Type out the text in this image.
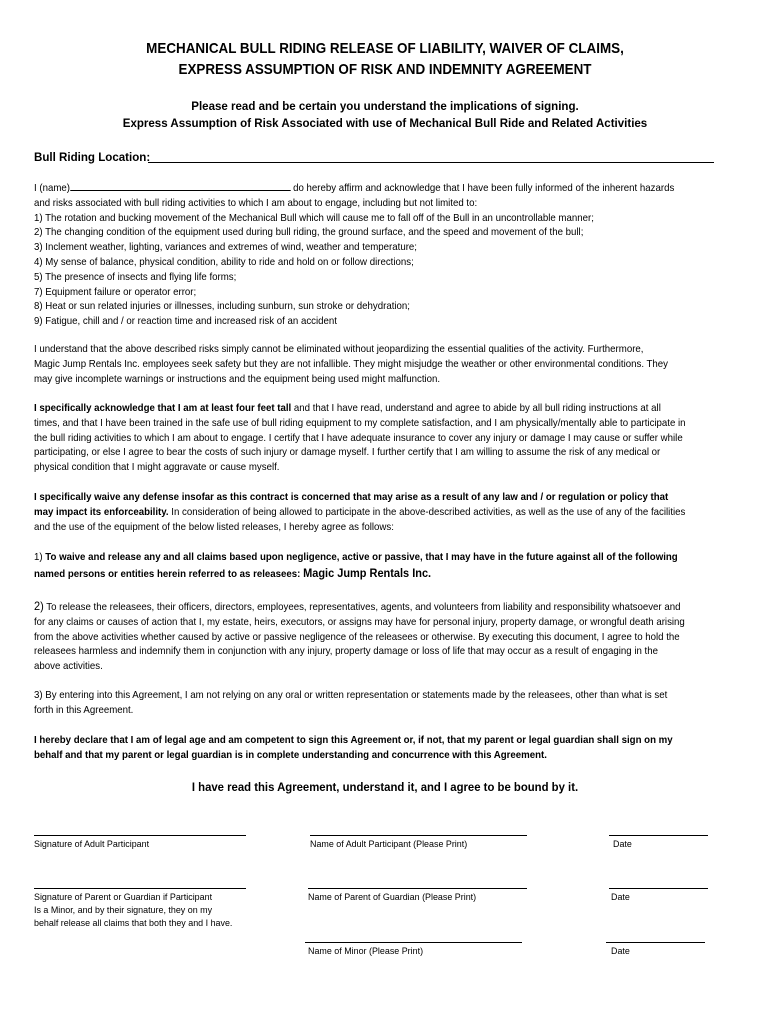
MECHANICAL BULL RIDING RELEASE OF LIABILITY, WAIVER OF CLAIMS,
EXPRESS ASSUMPTION OF RISK AND INDEMNITY AGREEMENT
Please read and be certain you understand the implications of signing.
Express Assumption of Risk Associated with use of Mechanical Bull Ride and Related Activities
Bull Riding Location:

I (name)	do hereby affirm and acknowledge that I have been fully informed of the inherent hazards

and risks associated with bull riding activities to which I am about to engage, including but not limited to:

1) The rotation and bucking movement of the Mechanical Bull which will cause me to fall off of the Bull in an uncontrollable manner;

2) The changing condition of the equipment used during bull riding, the ground surface, and the speed and movement of the bull;

3) Inclement weather, lighting, variances and extremes of wind, weather and temperature;

4) My sense of balance, physical condition, ability to ride and hold on or follow directions;

5) The presence of insects and flying life forms;

7) Equipment failure or operator error;

8) Heat or sun related injuries or illnesses, including sunburn, sun stroke or dehydration;

9) Fatigue, chill and / or reaction time and increased risk of an accident

I understand that the above described risks simply cannot be eliminated without jeopardizing the essential qualities of the activity. Furthermore,

Magic Jump Rentals Inc. employees seek safety but they are not infallible. They might misjudge the weather or other environmental conditions. They

may give incomplete warnings or instructions and the equipment being used might malfunction.

I specifically acknowledge that I am at least four feet tall and that I have read, understand and agree to abide by all bull riding instructions at all

times, and that I have been trained in the safe use of bull riding equipment to my complete satisfaction, and I am physically/mentally able to participate in

the bull riding activities to which I am about to engage. I certify that I have adequate insurance to cover any injury or damage I may cause or suffer while

participating, or else I agree to bear the costs of such injury or damage myself. I further certify that I am willing to assume the risk of any medical or

physical condition that I might aggravate or cause myself.

I specifically waive any defense insofar as this contract is concerned that may arise as a result of any law and / or regulation or policy that

may impact its enforceability. In consideration of being allowed to participate in the above-described activities, as well as the use of any of the facilities

and the use of the equipment of the below listed releases, I hereby agree as follows:

1) To waive and release any and all claims based upon negligence, active or passive, that I may have in the future against all of the following

named persons or entities herein referred to as releasees: Magic Jump Rentals Inc.

2) To release the releasees, their officers, directors, employees, representatives, agents, and volunteers from liability and responsibility whatsoever and

for any claims or causes of action that I, my estate, heirs, executors, or assigns may have for personal injury, property damage, or wrongful death arising

from the above activities whether caused by active or passive negligence of the releasees or otherwise. By executing this document, I agree to hold the

releasees harmless and indemnify them in conjunction with any injury, property damage or loss of life that may occur as a result of engaging in the

above activities.

3) By entering into this Agreement, I am not relying on any oral or written representation or statements made by the releasees, other than what is set

forth in this Agreement.

I hereby declare that I am of legal age and am competent to sign this Agreement or, if not, that my parent or legal guardian shall sign on my

behalf and that my parent or legal guardian is in complete understanding and concurrence with this Agreement.

I have read this Agreement, understand it, and I agree to be bound by it.
Signature of Adult Participant	Name of Adult Participant (Please Print)	Date
Signature of Parent or Guardian if Participant
Is a Minor, and by their signature, they on my
behalf release all claims that both they and I have.
Name of Parent of Guardian (Please Print)	Date
Name of Minor (Please Print)	Date
